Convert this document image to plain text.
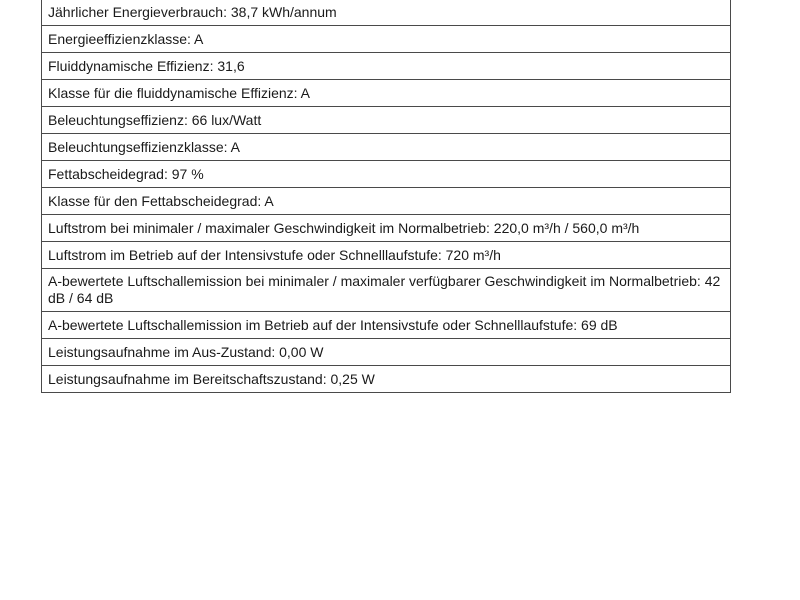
Jährlicher Energieverbrauch: 38,7 kWh/annum
Energieeffizienzklasse: A
Fluiddynamische Effizienz: 31,6
Klasse für die fluiddynamische Effizienz: A
Beleuchtungseffizienz: 66 lux/Watt
Beleuchtungseffizienzklasse: A
Fettabscheidegrad: 97 %
Klasse für den Fettabscheidegrad: A
Luftstrom bei minimaler / maximaler Geschwindigkeit im Normalbetrieb: 220,0 m³/h / 560,0 m³/h
Luftstrom im Betrieb auf der Intensivstufe oder Schnelllaufstufe: 720 m³/h
A-bewertete Luftschallemission bei minimaler / maximaler verfügbarer Geschwindigkeit im Normalbetrieb: 42 dB / 64 dB
A-bewertete Luftschallemission im Betrieb auf der Intensivstufe oder Schnelllaufstufe: 69 dB
Leistungsaufnahme im Aus-Zustand: 0,00 W
Leistungsaufnahme im Bereitschaftszustand: 0,25 W
